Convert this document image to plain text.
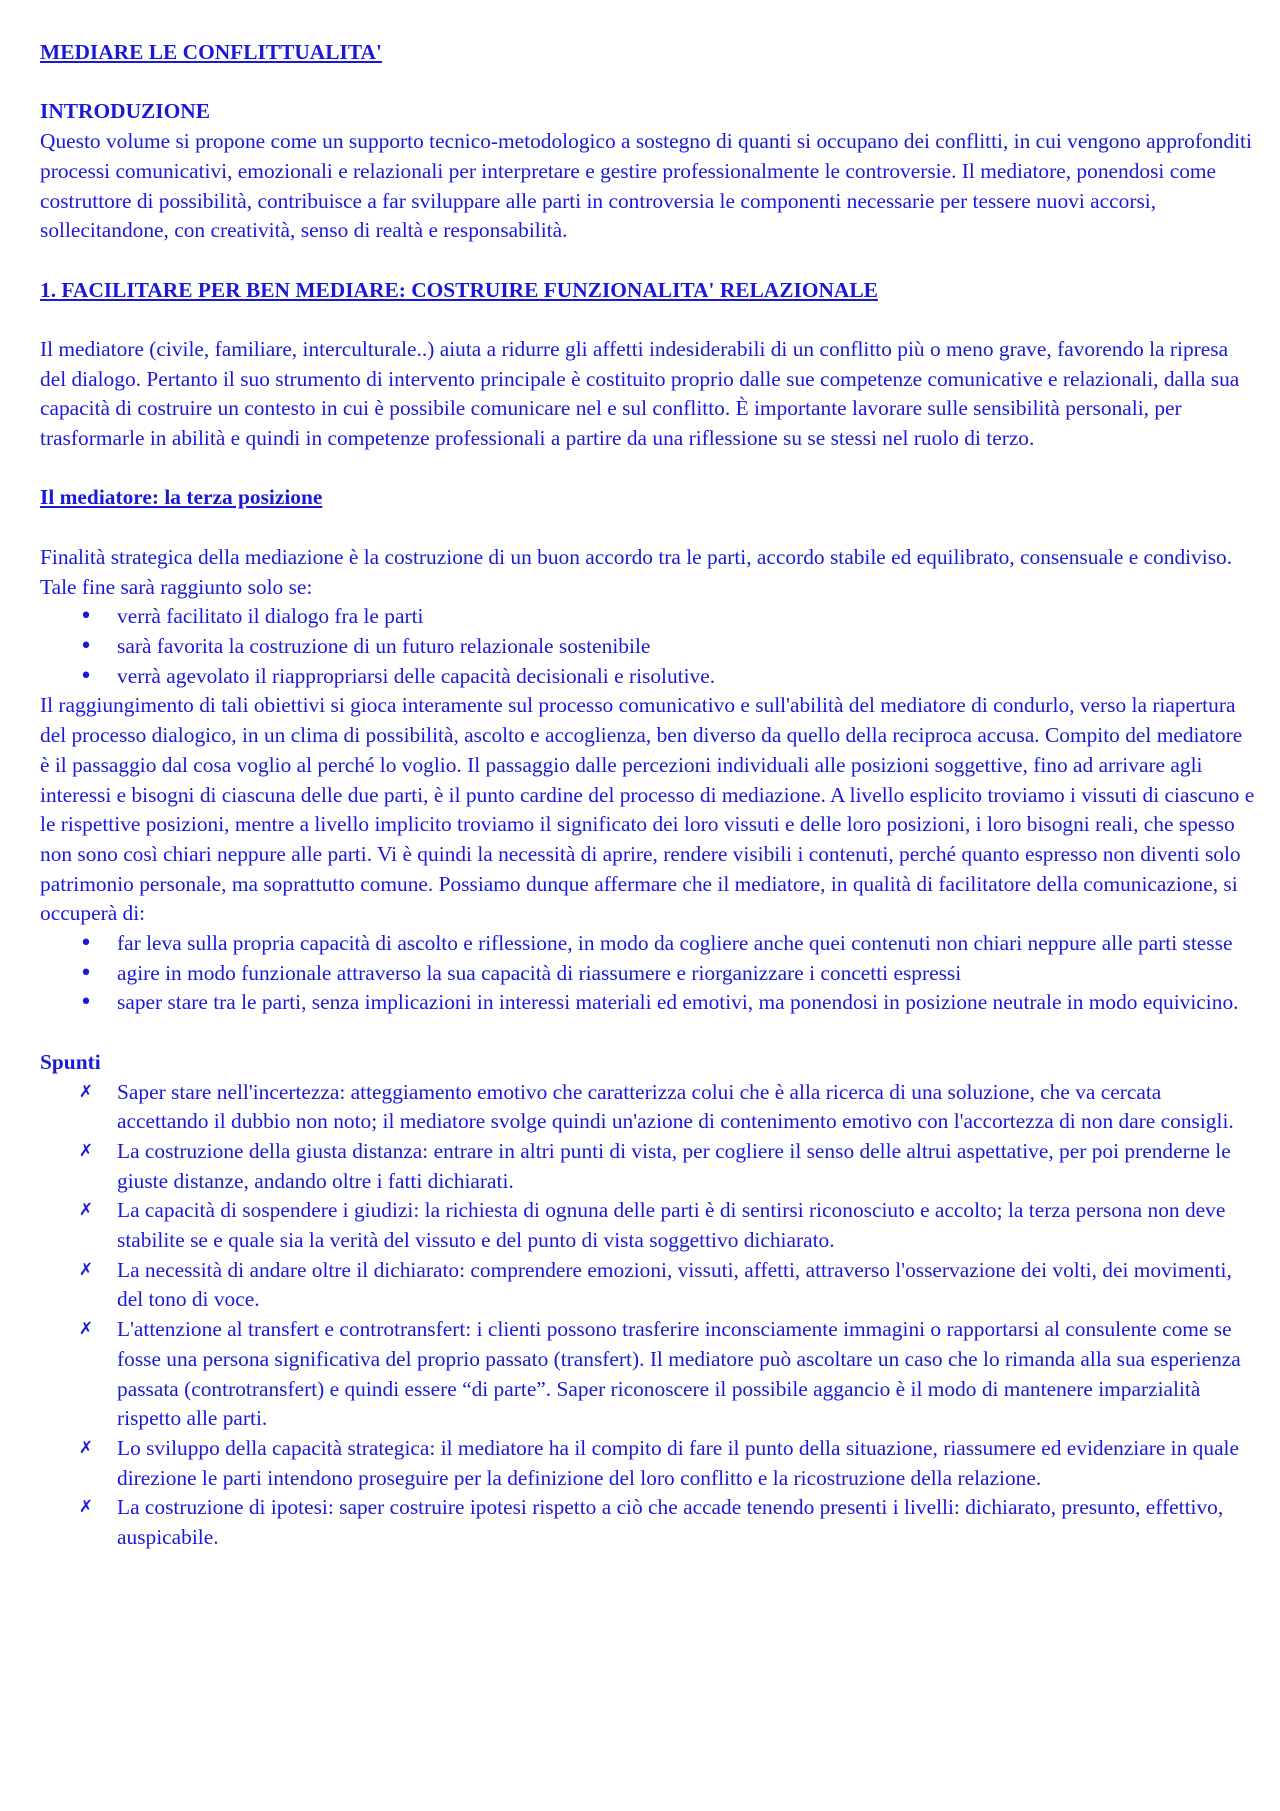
MEDIARE LE CONFLITTUALITA'
INTRODUZIONE

Questo volume si propone come un supporto tecnico-metodologico a sostegno di quanti si occupano dei conflitti, in cui vengono approfonditi processi comunicativi, emozionali e relazionali per interpretare e gestire professionalmente le controversie. Il mediatore, ponendosi come costruttore di possibilità, contribuisce a far sviluppare alle parti in controversia le componenti necessarie per tessere nuovi accorsi, sollecitandone, con creatività, senso di realtà e responsabilità.

1. FACILITARE PER BEN MEDIARE: COSTRUIRE FUNZIONALITA' RELAZIONALE

Il mediatore (civile, familiare, interculturale..) aiuta a ridurre gli affetti indesiderabili di un conflitto più o meno grave, favorendo la ripresa del dialogo. Pertanto il suo strumento di intervento principale è costituito proprio dalle sue competenze comunicative e relazionali, dalla sua capacità di costruire un contesto in cui è possibile comunicare nel e sul conflitto. È importante lavorare sulle sensibilità personali, per trasformarle in abilità e quindi in competenze professionali a partire da una riflessione su se stessi nel ruolo di terzo.

Il mediatore: la terza posizione

Finalità strategica della mediazione è la costruzione di un buon accordo tra le parti, accordo stabile ed equilibrato, consensuale e condiviso. Tale fine sarà raggiunto solo se:

• verrà facilitato il dialogo fra le parti
• sarà favorita la costruzione di un futuro relazionale sostenibile
• verrà agevolato il riappropriarsi delle capacità decisionali e risolutive.

Il raggiungimento di tali obiettivi si gioca interamente sul processo comunicativo e sull'abilità del mediatore di condurlo, verso la riapertura del processo dialogico, in un clima di possibilità, ascolto e accoglienza, ben diverso da quello della reciproca accusa. Compito del mediatore è il passaggio dal cosa voglio al perché lo voglio. Il passaggio dalle percezioni individuali alle posizioni soggettive, fino ad arrivare agli interessi e bisogni di ciascuna delle due parti, è il punto cardine del processo di mediazione. A livello esplicito troviamo i vissuti di ciascuno e le rispettive posizioni, mentre a livello implicito troviamo il significato dei loro vissuti e delle loro posizioni, i loro bisogni reali, che spesso non sono così chiari neppure alle parti. Vi è quindi la necessità di aprire, rendere visibili i contenuti, perché quanto espresso non diventi solo patrimonio personale, ma soprattutto comune. Possiamo dunque affermare che il mediatore, in qualità di facilitatore della comunicazione, si occuperà di:

• far leva sulla propria capacità di ascolto e riflessione, in modo da cogliere anche quei contenuti non chiari neppure alle parti stesse
• agire in modo funzionale attraverso la sua capacità di riassumere e riorganizzare i concetti espressi
• saper stare tra le parti, senza implicazioni in interessi materiali ed emotivi, ma ponendosi in posizione neutrale in modo equivicino.
Spunti
✗ Saper stare nell'incertezza: atteggiamento emotivo che caratterizza colui che è alla ricerca di una soluzione, che va cercata accettando il dubbio non noto; il mediatore svolge quindi un'azione di contenimento emotivo con l'accortezza di non dare consigli.
✗ La costruzione della giusta distanza: entrare in altri punti di vista, per cogliere il senso delle altrui aspettative, per poi prenderne le giuste distanze, andando oltre i fatti dichiarati.
✗ La capacità di sospendere i giudizi: la richiesta di ognuna delle parti è di sentirsi riconosciuto e accolto; la terza persona non deve stabilite se e quale sia la verità del vissuto e del punto di vista soggettivo dichiarato.
✗ La necessità di andare oltre il dichiarato: comprendere emozioni, vissuti, affetti, attraverso l'osservazione dei volti, dei movimenti, del tono di voce.
✗ L'attenzione al transfert e controtransfert: i clienti possono trasferire inconsciamente immagini o rapportarsi al consulente come se fosse una persona significativa del proprio passato (transfert). Il mediatore può ascoltare un caso che lo rimanda alla sua esperienza passata (controtransfert) e quindi essere “di parte”. Saper riconoscere il possibile aggancio è il modo di mantenere imparzialità rispetto alle parti.
✗ Lo sviluppo della capacità strategica: il mediatore ha il compito di fare il punto della situazione, riassumere ed evidenziare in quale direzione le parti intendono proseguire per la definizione del loro conflitto e la ricostruzione della relazione.
✗ La costruzione di ipotesi: saper costruire ipotesi rispetto a ciò che accade tenendo presenti i livelli: dichiarato, presunto, effettivo, auspicabile.
